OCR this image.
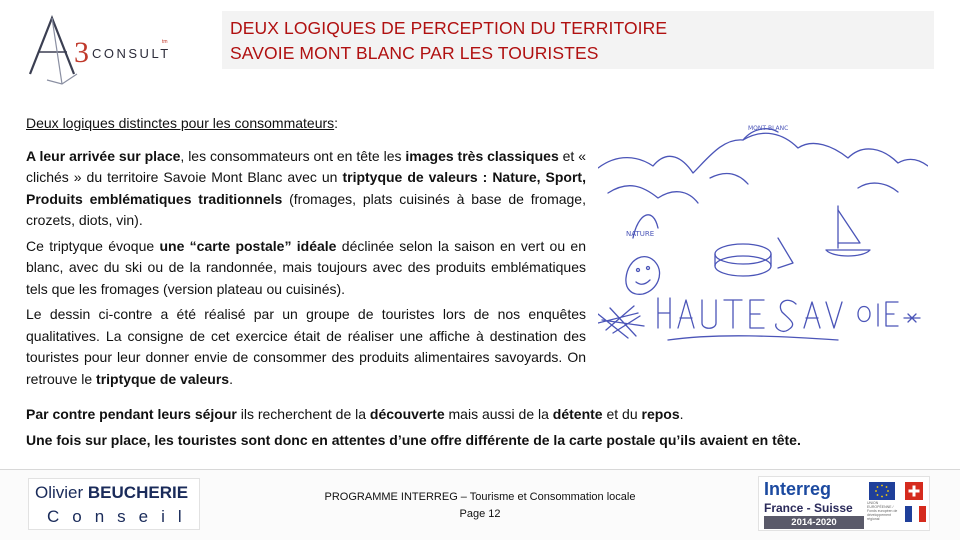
3 CONSULT
tm
DEUX LOGIQUES DE PERCEPTION DU TERRITOIRE
SAVOIE MONT BLANC PAR LES TOURISTES

Deux logiques distinctes pour les consommateurs:

A leur arrivée sur place, les consommateurs ont en tête les images très classiques et « clichés » du territoire Savoie Mont Blanc avec un triptyque de valeurs : Nature, Sport, Produits emblématiques traditionnels (fromages, plats cuisinés à base de fromage, crozets, diots, vin).

Ce triptyque évoque une “carte postale” idéale déclinée selon la saison en vert ou en blanc, avec du ski ou de la randonnée, mais toujours avec des produits emblématiques tels que les fromages (version plateau ou cuisinés).

Le dessin ci-contre a été réalisé par un groupe de touristes lors de nos enquêtes qualitatives. La consigne de cet exercice était de réaliser une affiche à destination des touristes pour leur donner envie de consommer des produits alimentaires savoyards. On retrouve le triptyque de valeurs.

Par contre pendant leurs séjour ils recherchent de la découverte mais aussi de la détente et du repos.
Une fois sur place, les touristes sont donc en attentes d’une offre différente de la carte postale qu’ils avaient en tête.
NATURE
MONT BLANC
Olivier BEUCHERIE
Conseil
PROGRAMME INTERREG – Tourisme et Consommation locale
Page 12
Interreg
France - Suisse
2014-2020
UNION EUROPÉENNE / Fonds européen de développement régional
